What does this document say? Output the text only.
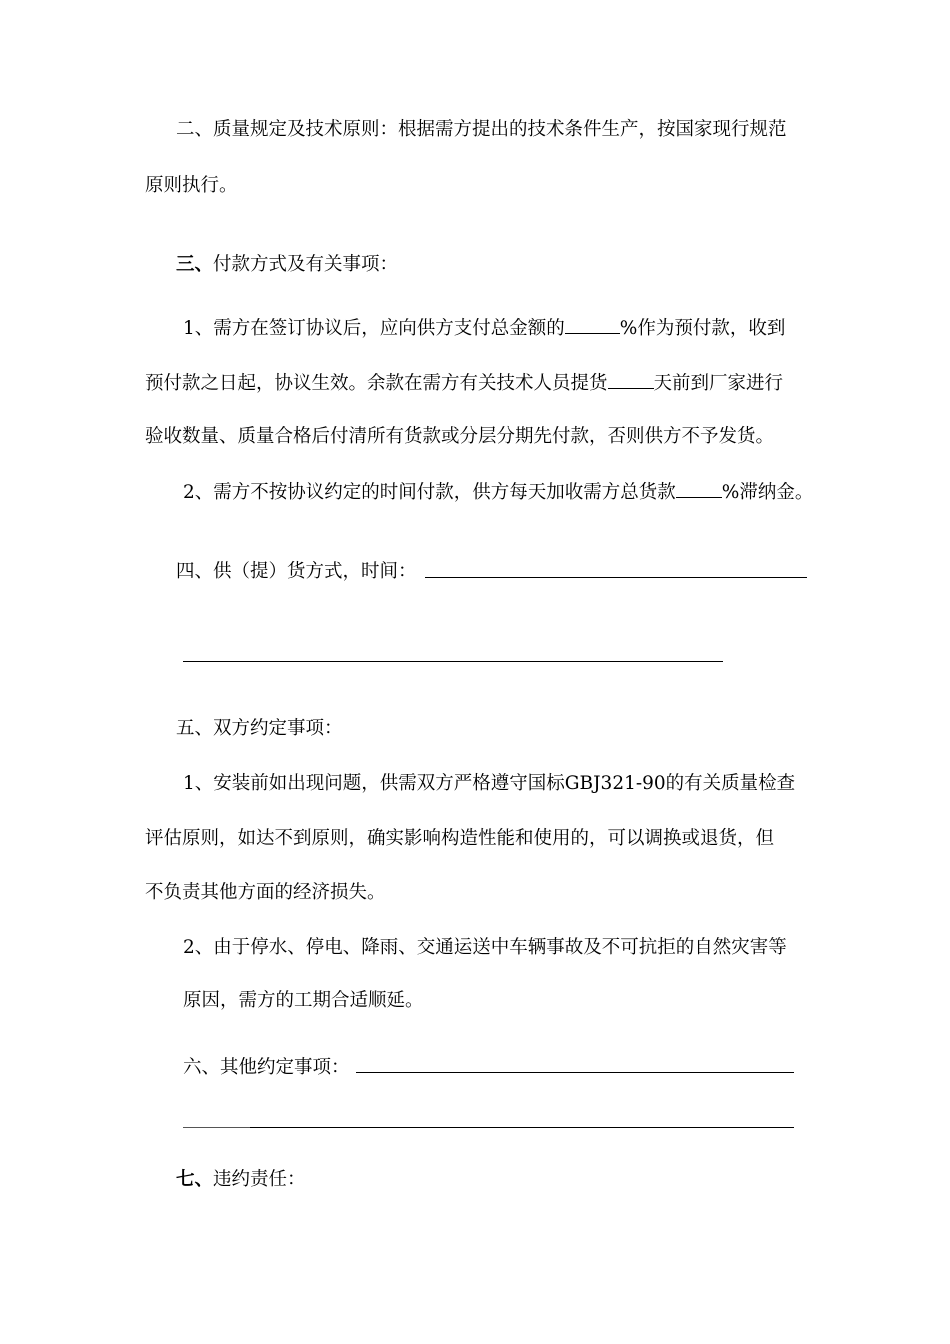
二、质量规定及技术原则：根据需方提出的技术条件生产，按国家现行规范
原则执行。
三、付款方式及有关事项：
1、需方在签订协议后，应向供方支付总金额的	%作为预付款，收到
预付款之日起，协议生效。余款在需方有关技术人员提货 天前到厂家进行
验收数量、质量合格后付清所有货款或分层分期先付款，否则供方不予发货。
2、需方不按协议约定的时间付款，供方每天加收需方总货款 %滞纳金。
四、供（提）货方式，时间：
五、双方约定事项：
1、安装前如出现问题，供需双方严格遵守国标GBJ321-90的有关质量检查
评估原则，如达不到原则，确实影响构造性能和使用的，可以调换或退货，但
不负责其他方面的经济损失。
2、由于停水、停电、降雨、交通运送中车辆事故及不可抗拒的自然灾害等
原因，需方的工期合适顺延。
六、其他约定事项：
七、违约责任：
